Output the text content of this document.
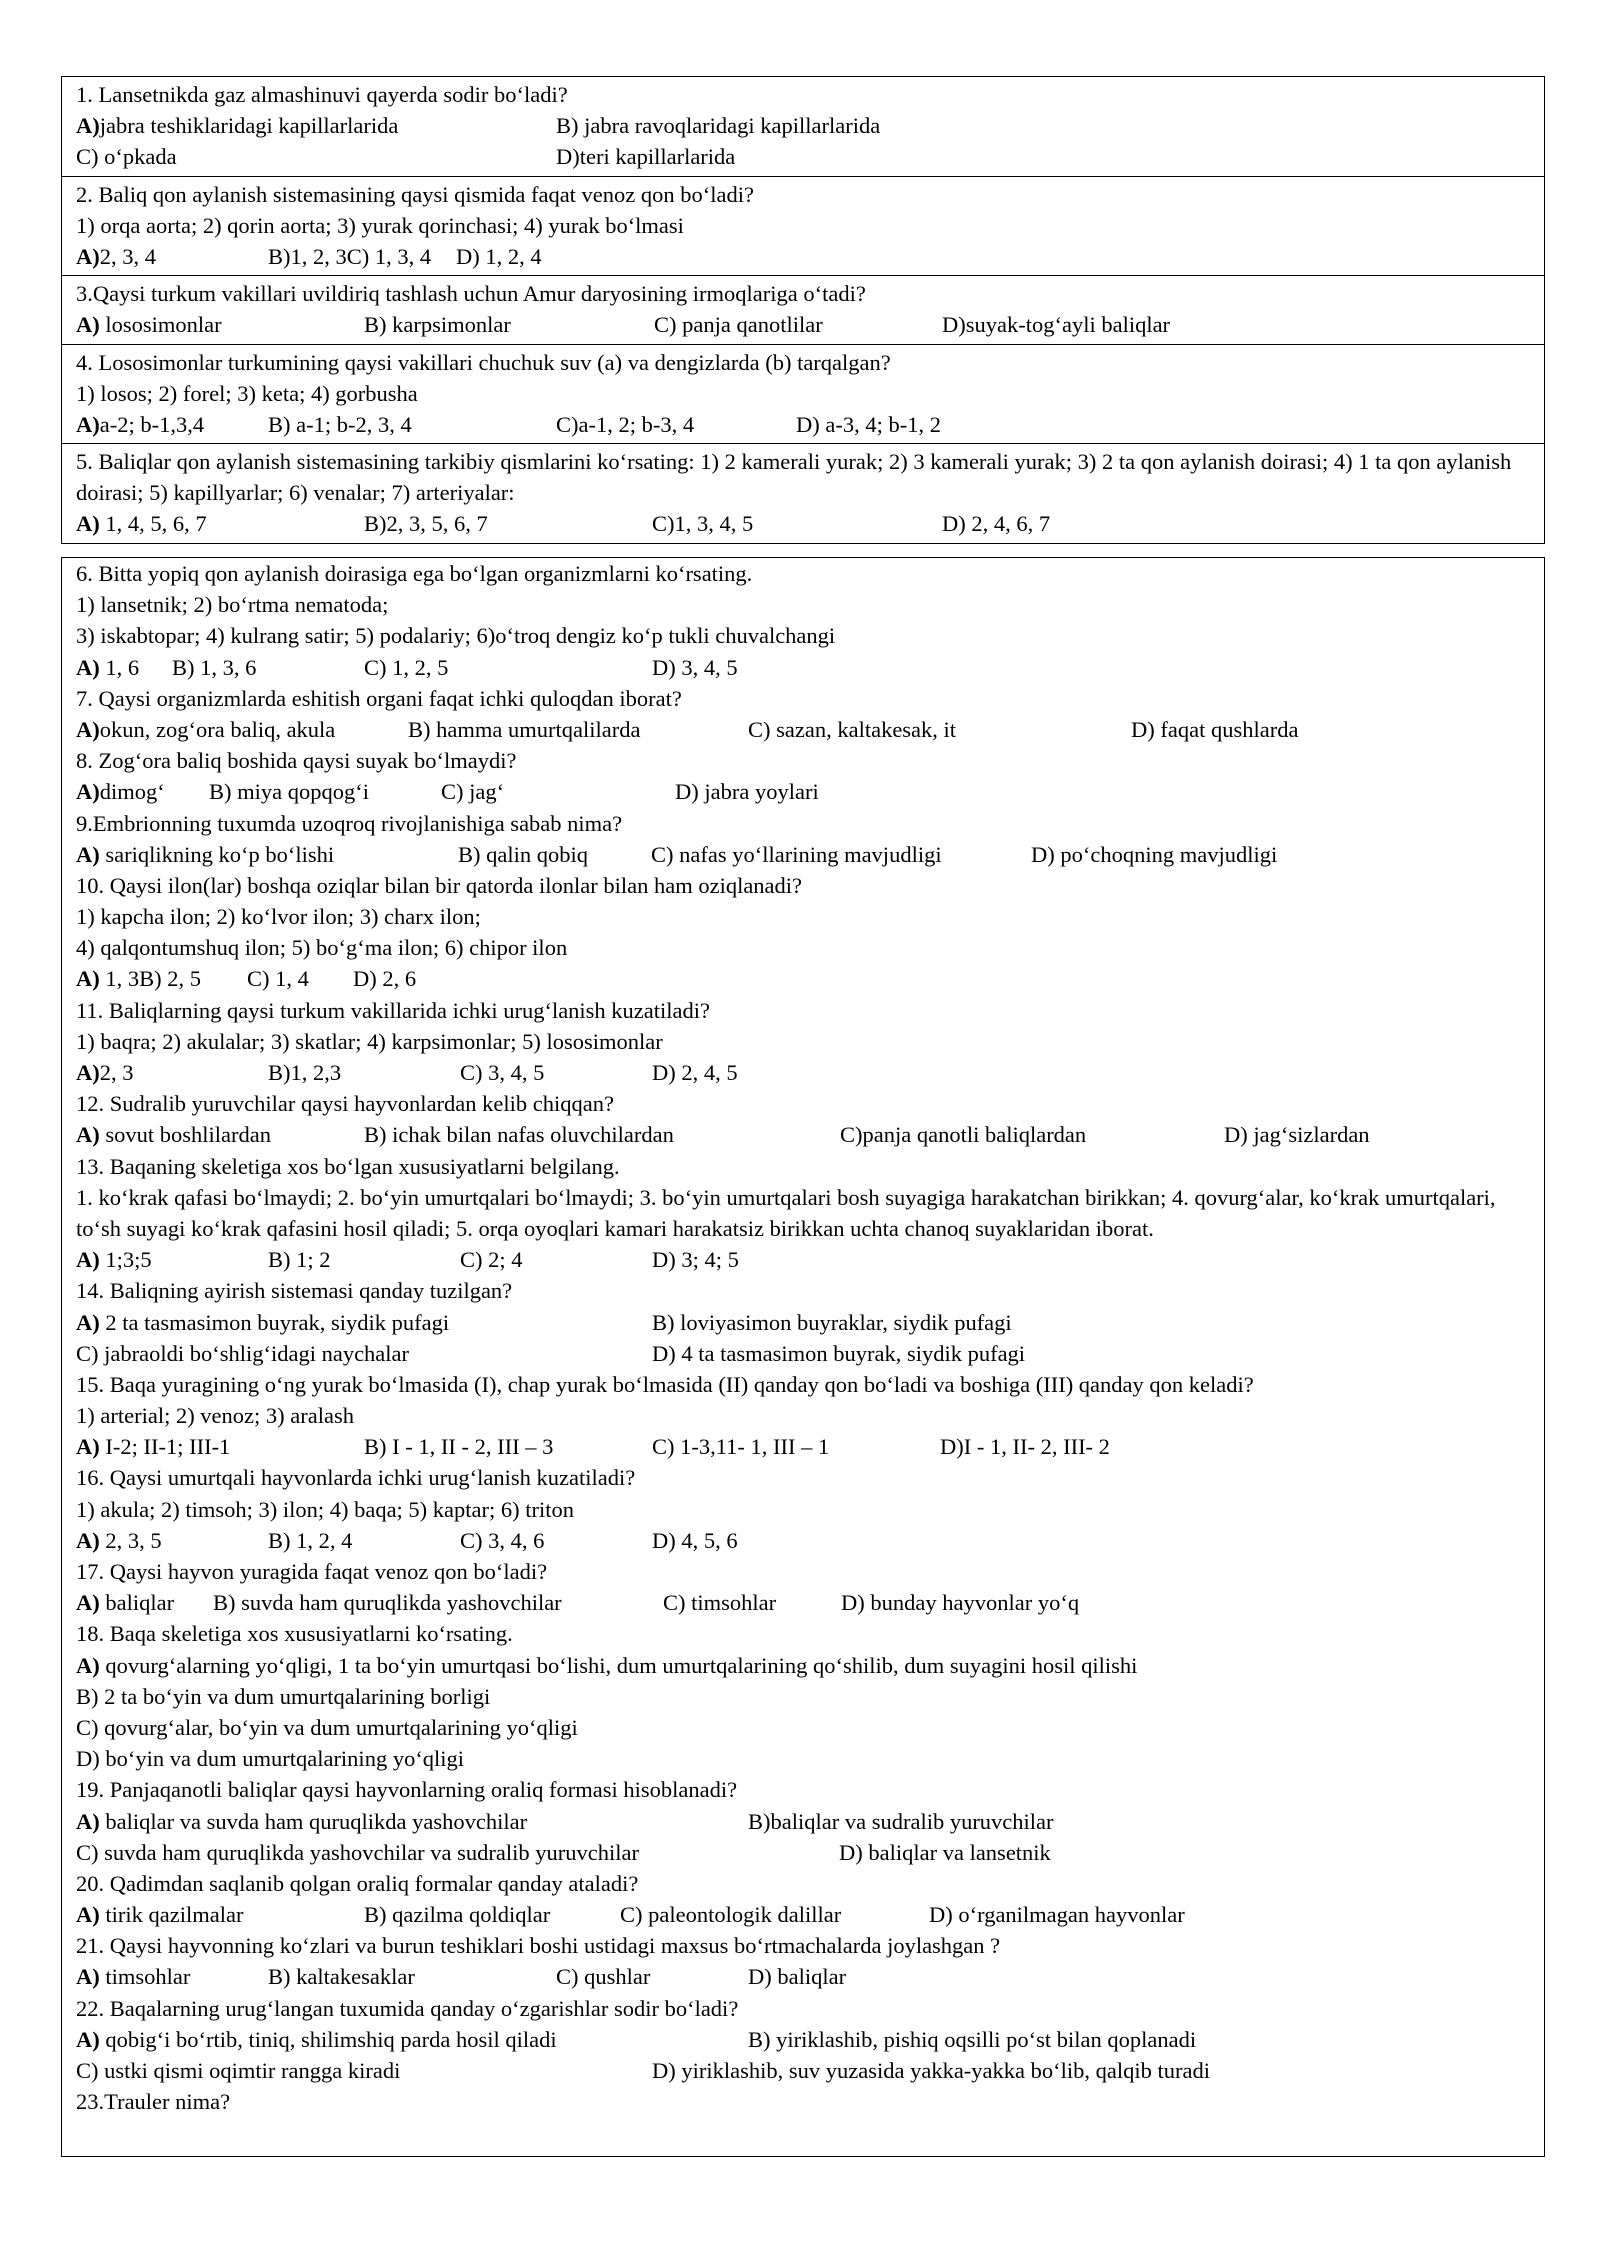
1. Lansetnikda gaz almashinuvi qayerda sodir bo‘ladi?
A)jabra teshiklaridagi kapillarlarida	B) jabra ravoqlaridagi kapillarlarida
C) o‘pkada	D)teri kapillarlarida
2. Baliq qon aylanish sistemasining qaysi qismida faqat venoz qon bo‘ladi?
1) orqa aorta; 2) qorin aorta; 3) yurak qorinchasi; 4) yurak bo‘lmasi
A)2, 3, 4	B)1, 2, 3C) 1, 3, 4	D) 1, 2, 4
3.Qaysi turkum vakillari uvildiriq tashlash uchun Amur daryosining irmoqlariga o‘tadi?
A) lososimonlar	B) karpsimonlar	C) panja qanotlilar	D)suyak-tog‘ayli baliqlar
4. Lososimonlar turkumining qaysi vakillari chuchuk suv (a) va dengizlarda (b) tarqalgan?
1) losos; 2) forel; 3) keta; 4) gorbusha
A)a-2; b-1,3,4	B) a-1; b-2, 3, 4	C)a-1, 2; b-3, 4	D) a-3, 4; b-1, 2
5. Baliqlar qon aylanish sistemasining tarkibiy qismlarini ko‘rsating: 1) 2 kamerali yurak; 2) 3 kamerali yurak; 3) 2 ta qon aylanish doirasi; 4) 1 ta qon aylanish doirasi; 5) kapillyarlar; 6) venalar; 7) arteriyalar:
A) 1, 4, 5, 6, 7	B)2, 3, 5, 6, 7	C)1, 3, 4, 5	D) 2, 4, 6, 7
6. Bitta yopiq qon aylanish doirasiga ega bo‘lgan organizmlarni ko‘rsating.
1) lansetnik; 2) bo‘rtma nematoda;
3) iskabtopar; 4) kulrang satir; 5) podalariy; 6)o‘troq dengiz ko‘p tukli chuvalchangi
A) 1, 6	B) 1, 3, 6	C) 1, 2, 5	D) 3, 4, 5
7. Qaysi organizmlarda eshitish organi faqat ichki quloqdan iborat?
A)okun, zog‘ora baliq, akula	B) hamma umurtqalilarda	C) sazan, kaltakesak, it	D) faqat qushlarda
8. Zog‘ora baliq boshida qaysi suyak bo‘lmaydi?
A)dimog‘	B) miya qopqog‘i	C) jag‘	D) jabra yoylari
9.Embrionning tuxumda uzoqroq rivojlanishiga sabab nima?
A) sariqlikning ko‘p bo‘lishi	B) qalin qobiq	C) nafas yo‘llarining mavjudligi	D) po‘choqning mavjudligi
10. Qaysi ilon(lar) boshqa oziqlar bilan bir qatorda ilonlar bilan ham oziqlanadi?
1) kapcha ilon; 2) ko‘lvor ilon; 3) charx ilon;
4) qalqontumshuq ilon; 5) bo‘g‘ma ilon; 6) chipor ilon
A) 1, 3B) 2, 5	C) 1, 4	D) 2, 6
11. Baliqlarning qaysi turkum vakillarida ichki urug‘lanish kuzatiladi?
1) baqra; 2) akulalar; 3) skatlar; 4) karpsimonlar; 5) lososimonlar
A)2, 3	B)1, 2,3	C) 3, 4, 5	D) 2, 4, 5
12. Sudralib yuruvchilar qaysi hayvonlardan kelib chiqqan?
A) sovut boshlilardan	B) ichak bilan nafas oluvchilardan	C)panja qanotli baliqlardan	D) jag‘sizlardan
13. Baqaning skeletiga xos bo‘lgan xususiyatlarni belgilang.
1. ko‘krak qafasi bo‘lmaydi; 2. bo‘yin umurtqalari bo‘lmaydi; 3. bo‘yin umurtqalari bosh suyagiga harakatchan birikkan; 4. qovurg‘alar, ko‘krak umurtqalari, to‘sh suyagi ko‘krak qafasini hosil qiladi; 5. orqa oyoqlari kamari harakatsiz birikkan uchta chanoq suyaklaridan iborat.
A) 1;3;5	B) 1; 2	C) 2; 4	D) 3; 4; 5
14. Baliqning ayirish sistemasi qanday tuzilgan?
A) 2 ta tasmasimon buyrak, siydik pufagi	B) loviyasimon buyraklar, siydik pufagi
C) jabraoldi bo‘shlig‘idagi naychalar	D) 4 ta tasmasimon buyrak, siydik pufagi
15. Baqa yuragining o‘ng yurak bo‘lmasida (I), chap yurak bo‘lmasida (II) qanday qon bo‘ladi va boshiga (III) qanday qon keladi?
1) arterial; 2) venoz; 3) aralash
A) I-2; II-1; III-1	B) I - 1, II - 2, III – 3	C) 1-3,11- 1, III – 1	D)I - 1, II- 2, III- 2
16. Qaysi umurtqali hayvonlarda ichki urug‘lanish kuzatiladi?
1) akula; 2) timsoh; 3) ilon; 4) baqa; 5) kaptar; 6) triton
A) 2, 3, 5	B) 1, 2, 4	C) 3, 4, 6	D) 4, 5, 6
17. Qaysi hayvon yuragida faqat venoz qon bo‘ladi?
A) baliqlar	B) suvda ham quruqlikda yashovchilar	C) timsohlar	D) bunday hayvonlar yo‘q
18. Baqa skeletiga xos xususiyatlarni ko‘rsating.
A) qovurg‘alarning yo‘qligi, 1 ta bo‘yin umurtqasi bo‘lishi, dum umurtqalarining qo‘shilib, dum suyagini hosil qilishi
B) 2 ta bo‘yin va dum umurtqalarining borligi
C) qovurg‘alar, bo‘yin va dum umurtqalarining yo‘qligi
D) bo‘yin va dum umurtqalarining yo‘qligi
19. Panjaqanotli baliqlar qaysi hayvonlarning oraliq formasi hisoblanadi?
A) baliqlar va suvda ham quruqlikda yashovchilar	B)baliqlar va sudralib yuruvchilar
C) suvda ham quruqlikda yashovchilar va sudralib yuruvchilar	D) baliqlar va lansetnik
20. Qadimdan saqlanib qolgan oraliq formalar qanday ataladi?
A) tirik qazilmalar	B) qazilma qoldiqlar	C) paleontologik dalillar	D) o‘rganilmagan hayvonlar
21. Qaysi hayvonning ko‘zlari va burun teshiklari boshi ustidagi maxsus bo‘rtmachalarda joylashgan ?
A) timsohlar	B) kaltakesaklar	C) qushlar	D) baliqlar
22. Baqalarning urug‘langan tuxumida qanday o‘zgarishlar sodir bo‘ladi?
A) qobig‘i bo‘rtib, tiniq, shilimshiq parda hosil qiladi	B) yiriklashib, pishiq oqsilli po‘st bilan qoplanadi
C) ustki qismi oqimtir rangga kiradi	D) yiriklashib, suv yuzasida yakka-yakka bo‘lib, qalqib turadi
23.Trauler nima?
